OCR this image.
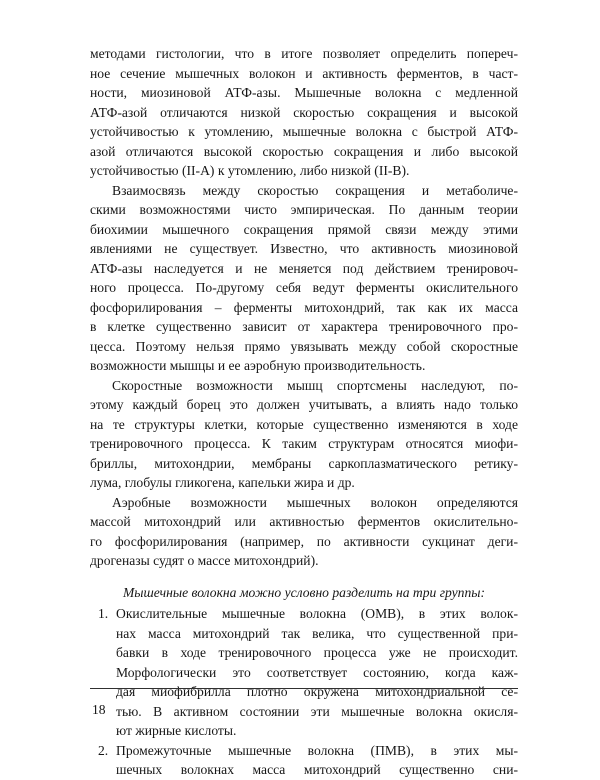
методами гистологии, что в итоге позволяет определить попереч-
ное сечение мышечных волокон и активность ферментов, в част-
ности, миозиновой АТФ-азы. Мышечные волокна с медленной
АТФ-азой отличаются низкой скоростью сокращения и высокой
устойчивостью к утомлению, мышечные волокна с быстрой АТФ-
азой отличаются высокой скоростью сокращения и либо высокой
устойчивостью (II-A) к утомлению, либо низкой (II-B).
Взаимосвязь между скоростью сокращения и метаболиче-
скими возможностями чисто эмпирическая. По данным теории
биохимии мышечного сокращения прямой связи между этими
явлениями не существует. Известно, что активность миозиновой
АТФ-азы наследуется и не меняется под действием тренировоч-
ного процесса. По-другому себя ведут ферменты окислительного
фосфорилирования – ферменты митохондрий, так как их масса
в клетке существенно зависит от характера тренировочного про-
цесса. Поэтому нельзя прямо увязывать между собой скоростные
возможности мышцы и ее аэробную производительность.
Скоростные возможности мышц спортсмены наследуют, по-
этому каждый борец это должен учитывать, а влиять надо только
на те структуры клетки, которые существенно изменяются в ходе
тренировочного процесса. К таким структурам относятся миофи-
бриллы, митохондрии, мембраны саркоплазматического ретику-
лума, глобулы гликогена, капельки жира и др.
Аэробные возможности мышечных волокон определяются
массой митохондрий или активностью ферментов окислительно-
го фосфорилирования (например, по активности сукцинат деги-
дрогеназы судят о массе митохондрий).

Мышечные волокна можно условно разделить на три группы:
1. Окислительные мышечные волокна (ОМВ), в этих волок-
нах масса митохондрий так велика, что существенной при-
бавки в ходе тренировочного процесса уже не происходит.
Морфологически это соответствует состоянию, когда каж-
дая миофибрилла плотно окружена митохондриальной се-
тью. В активном состоянии эти мышечные волокна окисля-
ют жирные кислоты.
2. Промежуточные мышечные волокна (ПМВ), в этих мы-
шечных волокнах масса митохондрий существенно сни-
18
